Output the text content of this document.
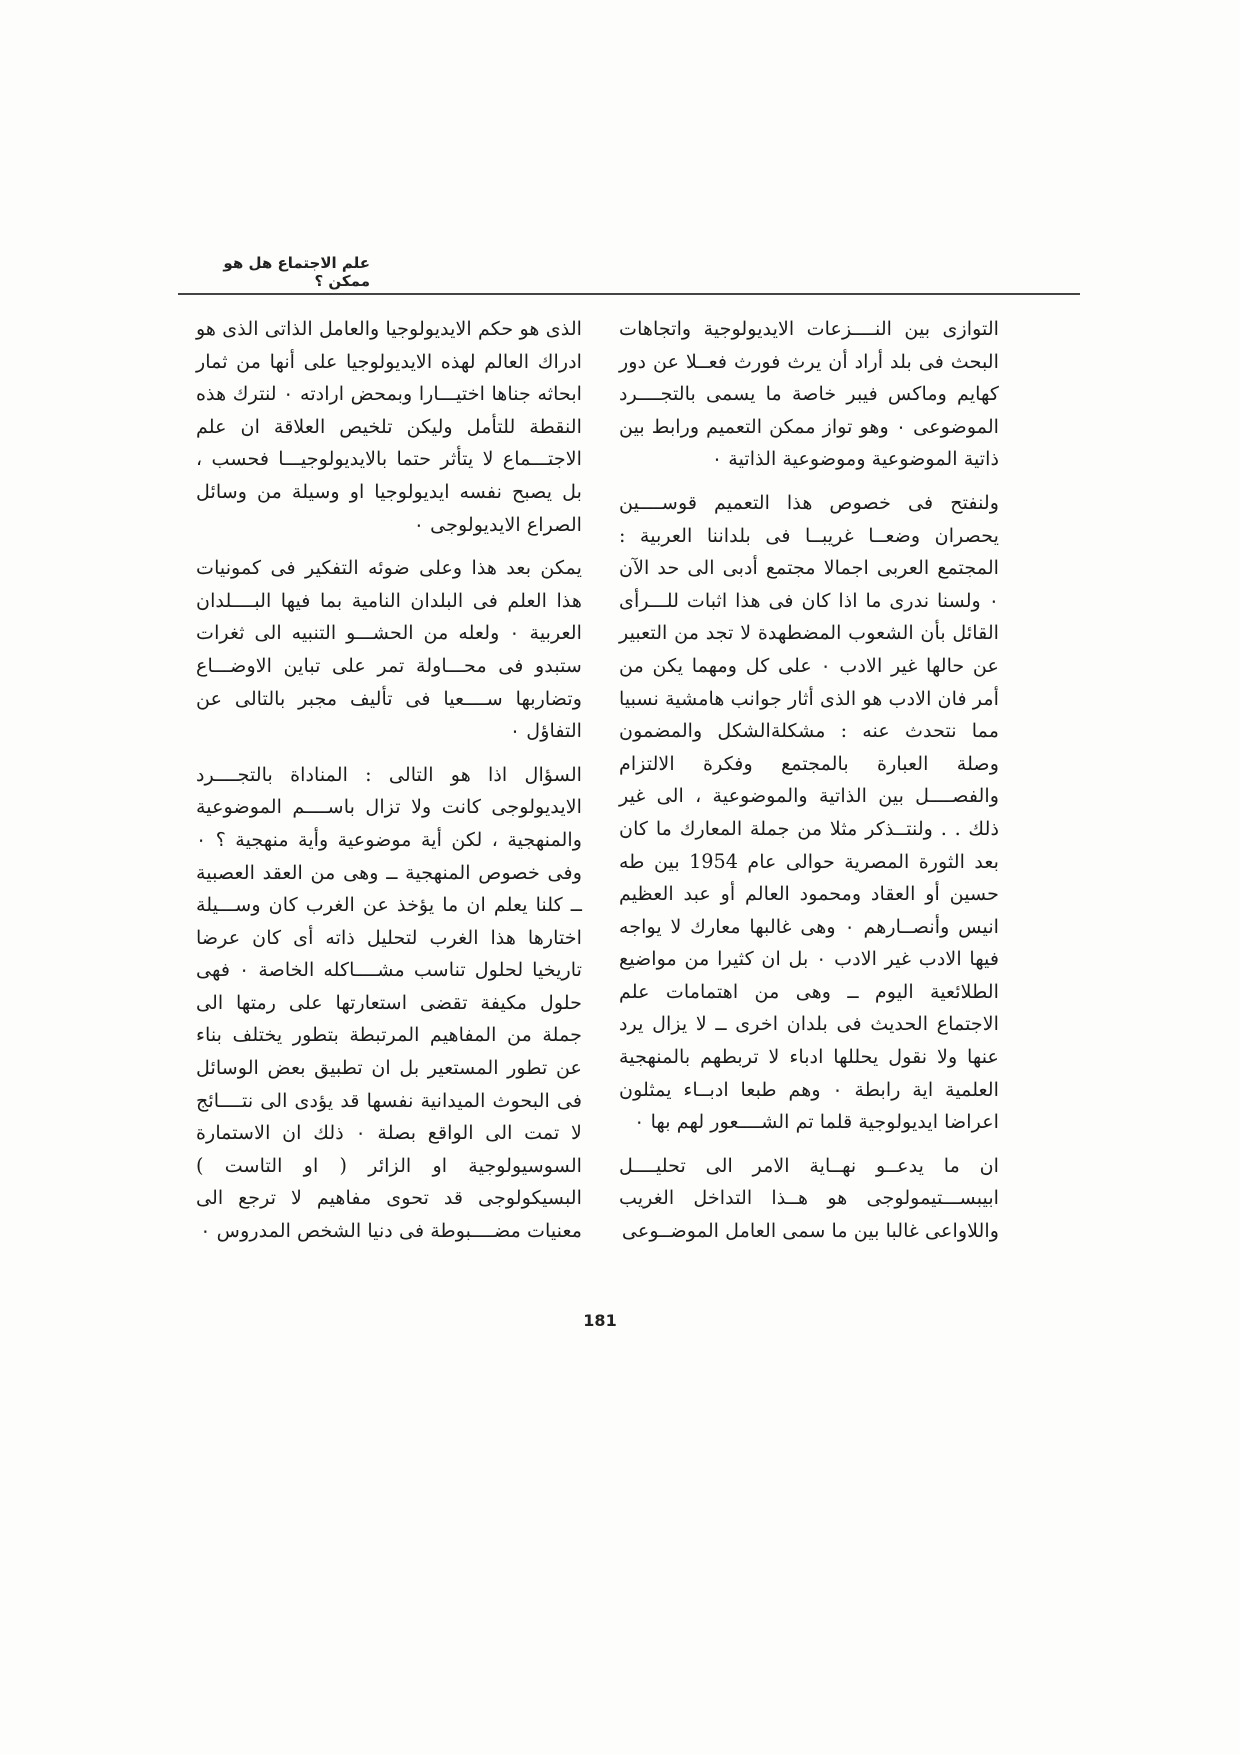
علم الاجتماع هل هو ممكن ؟

التوازى بين النــــزعات الايديولوجية واتجاهات البحث فى بلد أراد أن يرث فورث فعــلا عن دور كهايم وماكس فيبر خاصة ما يسمى بالتجــــرد الموضوعى ٠ وهو تواز ممكن التعميم ورابط بين ذاتية الموضوعية وموضوعية الذاتية ٠

ولنفتح فى خصوص هذا التعميم قوســــين يحصران وضعــا غريبــا فى بلداننا العربية : المجتمع العربى اجمالا مجتمع أدبى الى حد الآن ٠ ولسنا ندرى ما اذا كان فى هذا اثبات للـــرأى القائل بأن الشعوب المضطهدة لا تجد من التعبير عن حالها غير الادب ٠ على كل ومهما يكن من أمر فان الادب هو الذى أثار جوانب هامشية نسبيا مما نتحدث عنه : مشكلةالشكل والمضمون وصلة العبارة بالمجتمع وفكرة الالتزام والفصــــل بين الذاتية والموضوعية ، الى غير ذلك . . ولنتــذكر مثلا من جملة المعارك ما كان بعد الثورة المصرية حوالى عام 1954 بين طه حسين أو العقاد ومحمود العالم أو عبد العظيم انيس وأنصــارهم ٠ وهى غالبها معارك لا يواجه فيها الادب غير الادب ٠ بل ان كثيرا من مواضيع الطلائعية اليوم ــ وهى من اهتمامات علم الاجتماع الحديث فى بلدان اخرى ــ لا يزال يرد عنها ولا نقول يحللها ادباء لا تربطهم بالمنهجية العلمية اية رابطة ٠ وهم طبعا ادبــاء يمثلون اعراضا ايديولوجية قلما تم الشــــعور لهم بها ٠

ان ما يدعــو نهــاية الامر الى تحليــــل ابيبســـتيمولوجى هو هــذا التداخل الغريب واللاواعى غالبا بين ما سمى العامل الموضــوعى

الذى هو حكم الايديولوجيا والعامل الذاتى الذى هو ادراك العالم لهذه الايديولوجيا على أنها من ثمار ابحاثه جناها اختيـــارا وبمحض ارادته ٠ لنترك هذه النقطة للتأمل وليكن تلخيص العلاقة ان علم الاجتـــماع لا يتأثر حتما بالايديولوجيـــا فحسب ، بل يصبح نفسه ايديولوجيا او وسيلة من وسائل الصراع الايديولوجى ٠

يمكن بعد هذا وعلى ضوئه التفكير فى كمونيات هذا العلم فى البلدان النامية بما فيها البــــلدان العربية ٠ ولعله من الحشـــو التنبيه الى ثغرات ستبدو فى محـــاولة تمر على تباين الاوضـــاع وتضاربها ســــعيا فى تأليف مجبر بالتالى عن التفاؤل ٠

السؤال اذا هو التالى : المناداة بالتجــــرد الايديولوجى كانت ولا تزال باســــم الموضوعية والمنهجية ، لكن أية موضوعية وأية منهجية ؟ ٠ وفى خصوص المنهجية ــ وهى من العقد العصبية ــ كلنا يعلم ان ما يؤخذ عن الغرب كان وســـيلة اختارها هذا الغرب لتحليل ذاته أى كان عرضا تاريخيا لحلول تناسب مشــــاكله الخاصة ٠ فهى حلول مكيفة تقضى استعارتها على رمتها الى جملة من المفاهيم المرتبطة بتطور يختلف بناء عن تطور المستعير بل ان تطبيق بعض الوسائل فى البحوث الميدانية نفسها قد يؤدى الى نتــــائج لا تمت الى الواقع بصلة ٠ ذلك ان الاستمارة السوسيولوجية او الزائر ( او التاست ) البسيكولوجى قد تحوى مفاهيم لا ترجع الى معنيات مضــــبوطة فى دنيا الشخص المدروس ٠

181
